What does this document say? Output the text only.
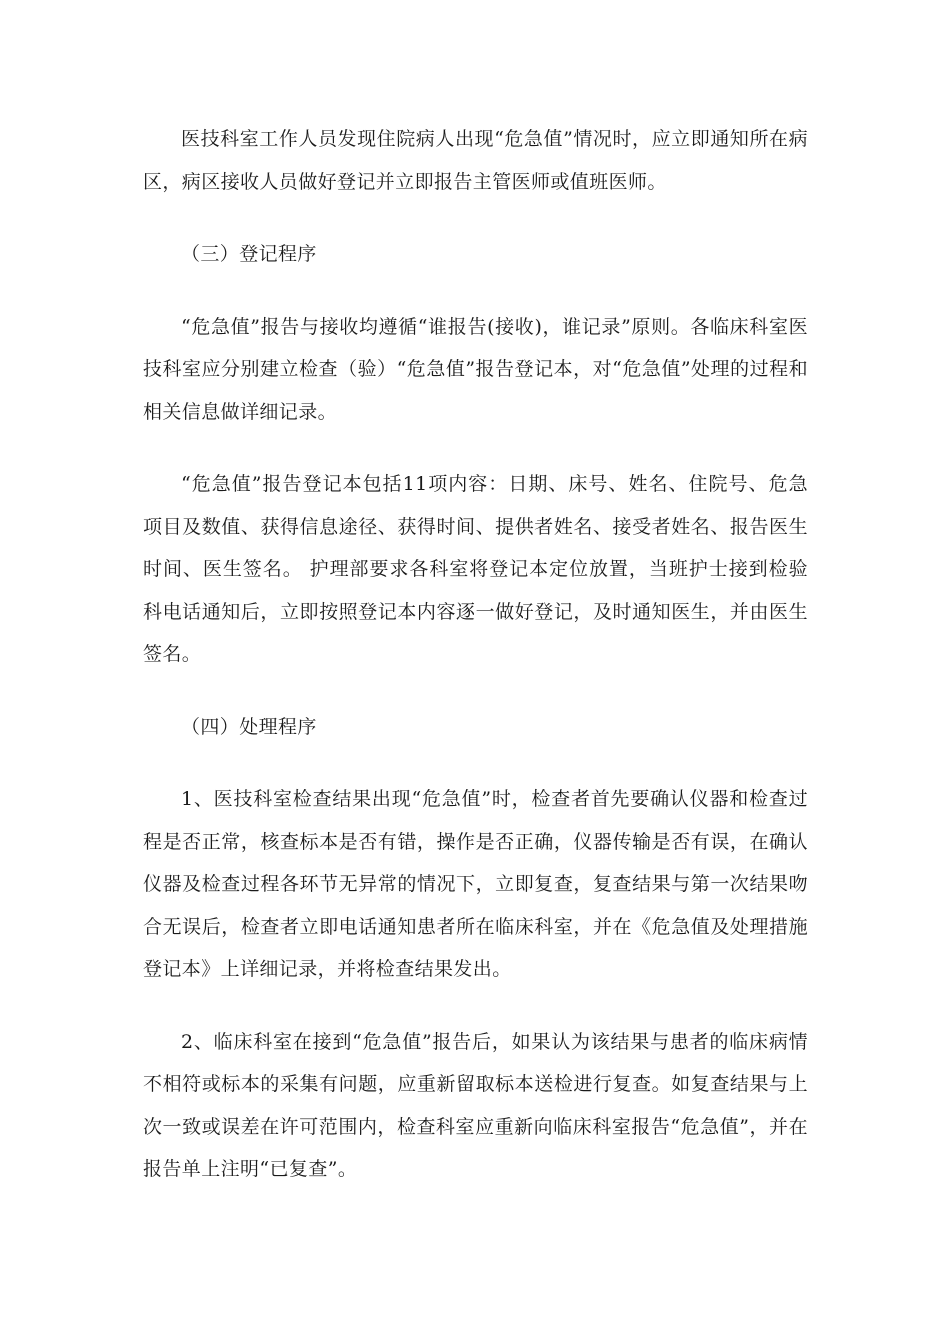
医技科室工作人员发现住院病人出现“危急值”情况时，应立即通知所在病区，病区接收人员做好登记并立即报告主管医师或值班医师。

（三）登记程序

“危急值”报告与接收均遵循“谁报告(接收)，谁记录”原则。各临床科室医技科室应分别建立检查（验）“危急值”报告登记本，对“危急值”处理的过程和相关信息做详细记录。

“危急值”报告登记本包括11项内容：日期、床号、姓名、住院号、危急项目及数值、获得信息途径、获得时间、提供者姓名、接受者姓名、报告医生时间、医生签名。 护理部要求各科室将登记本定位放置，当班护士接到检验科电话通知后，立即按照登记本内容逐一做好登记，及时通知医生，并由医生签名。

（四）处理程序

1、医技科室检查结果出现“危急值”时，检查者首先要确认仪器和检查过程是否正常，核查标本是否有错，操作是否正确，仪器传输是否有误，在确认仪器及检查过程各环节无异常的情况下，立即复查，复查结果与第一次结果吻合无误后，检查者立即电话通知患者所在临床科室，并在《危急值及处理措施登记本》上详细记录，并将检查结果发出。

2、临床科室在接到“危急值”报告后，如果认为该结果与患者的临床病情不相符或标本的采集有问题，应重新留取标本送检进行复查。如复查结果与上次一致或误差在许可范围内，检查科室应重新向临床科室报告“危急值”，并在报告单上注明“已复查”。
